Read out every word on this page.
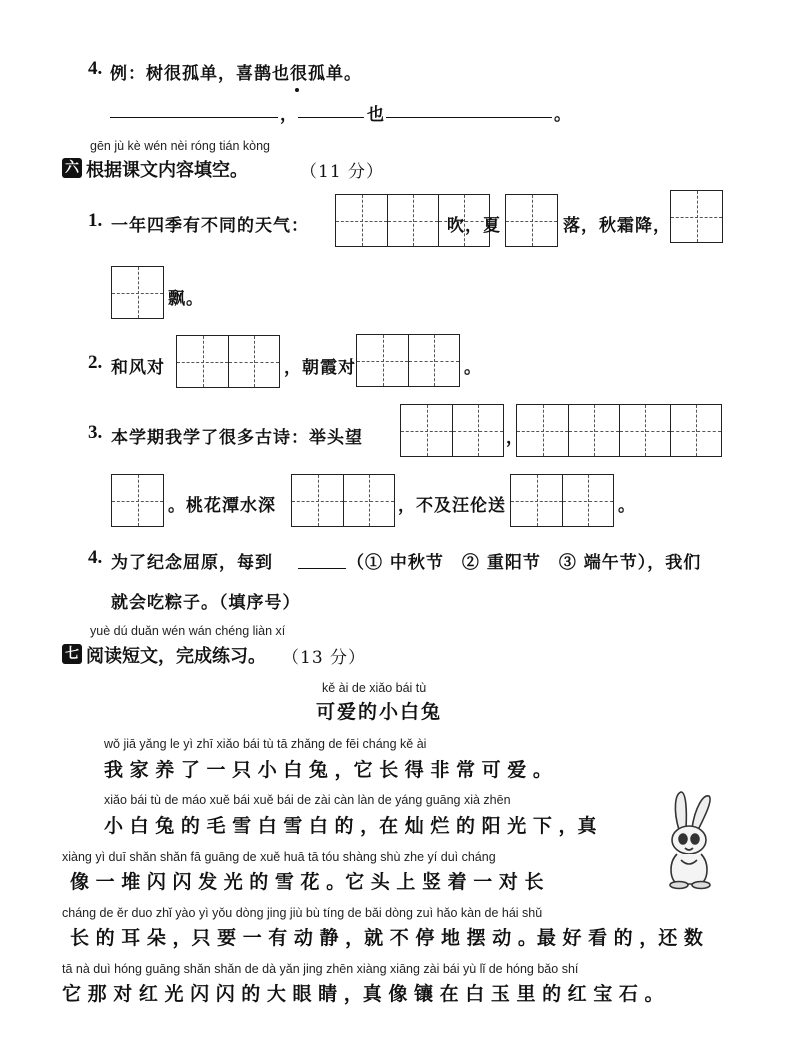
4. 例：树很孤单，喜鹊也很孤单。
，	也	。
gēn jù kè wén nèi róng tián kòng
六 根据课文内容填空。	（11 分）
1. 一年四季有不同的天气：	吹，夏	落，秋霜降，
飘。
2. 和风对	，朝霞对	。
3. 本学期我学了很多古诗：举头望	，
。桃花潭水深	，不及汪伦送	。
4. 为了纪念屈原，每到	（① 中秋节　② 重阳节　③ 端午节），我们
就会吃粽子。（填序号）
yuè dú duǎn wén wán chéng liàn xí
七 阅读短文，完成练习。 （13 分）
kě ài de xiǎo bái tù
可爱的小白兔
wǒ jiā yǎng le yì zhī xiǎo bái tù tā zhǎng de fēi cháng kě ài
我 家 养 了 一 只 小 白 兔 ，它 长 得 非 常 可 爱 。
xiǎo bái tù de máo xuě bái xuě bái de zài càn làn de yáng guāng xià zhēn
小 白 兔 的 毛 雪 白 雪 白 的 ，在 灿 烂 的 阳 光 下 ，真
xiàng yì duī shǎn shǎn fā guāng de xuě huā tā tóu shàng shù zhe yí duì cháng
像 一 堆 闪 闪 发 光 的 雪 花 。它 头 上 竖 着 一 对 长
cháng de ěr duo zhǐ yào yì yǒu dòng jing jiù bù tíng de bǎi dòng zuì hǎo kàn de hái shǔ
长 的 耳 朵 ，只 要 一 有 动 静 ，就 不 停 地 摆 动 。最 好 看 的 ，还 数
tā nà duì hóng guāng shǎn shǎn de dà yǎn jing zhēn xiàng xiāng zài bái yù lǐ de hóng bǎo shí
它 那 对 红 光 闪 闪 的 大 眼 睛 ，真 像 镶 在 白 玉 里 的 红 宝 石 。
